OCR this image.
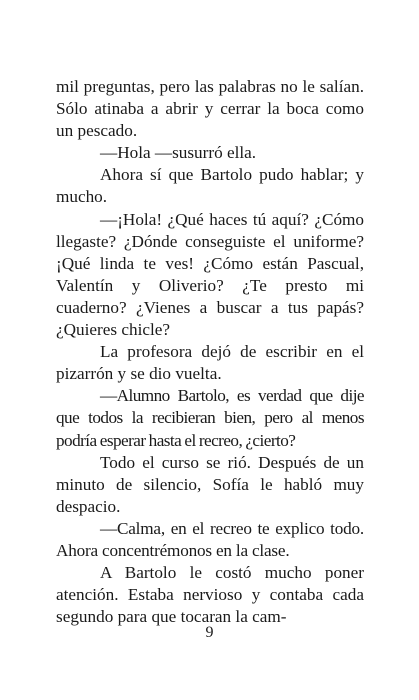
mil preguntas, pero las palabras no le salían. Sólo atinaba a abrir y cerrar la boca como un pescado.

—Hola —susurró ella.

Ahora sí que Bartolo pudo hablar; y mucho.

—¡Hola! ¿Qué haces tú aquí? ¿Cómo llegaste? ¿Dónde conseguiste el uniforme? ¡Qué linda te ves! ¿Cómo están Pascual, Valentín y Oliverio? ¿Te presto mi cuaderno? ¿Vienes a buscar a tus papás? ¿Quieres chicle?

La profesora dejó de escribir en el pizarrón y se dio vuelta.

—Alumno Bartolo, es verdad que dije que todos la recibieran bien, pero al menos podría esperar hasta el recreo, ¿cierto?

Todo el curso se rió. Después de un minuto de silencio, Sofía le habló muy despacio.

—Calma, en el recreo te explico todo. Ahora concentrémonos en la clase.

A Bartolo le costó mucho poner atención. Estaba nervioso y contaba cada segundo para que tocaran la cam-

9
